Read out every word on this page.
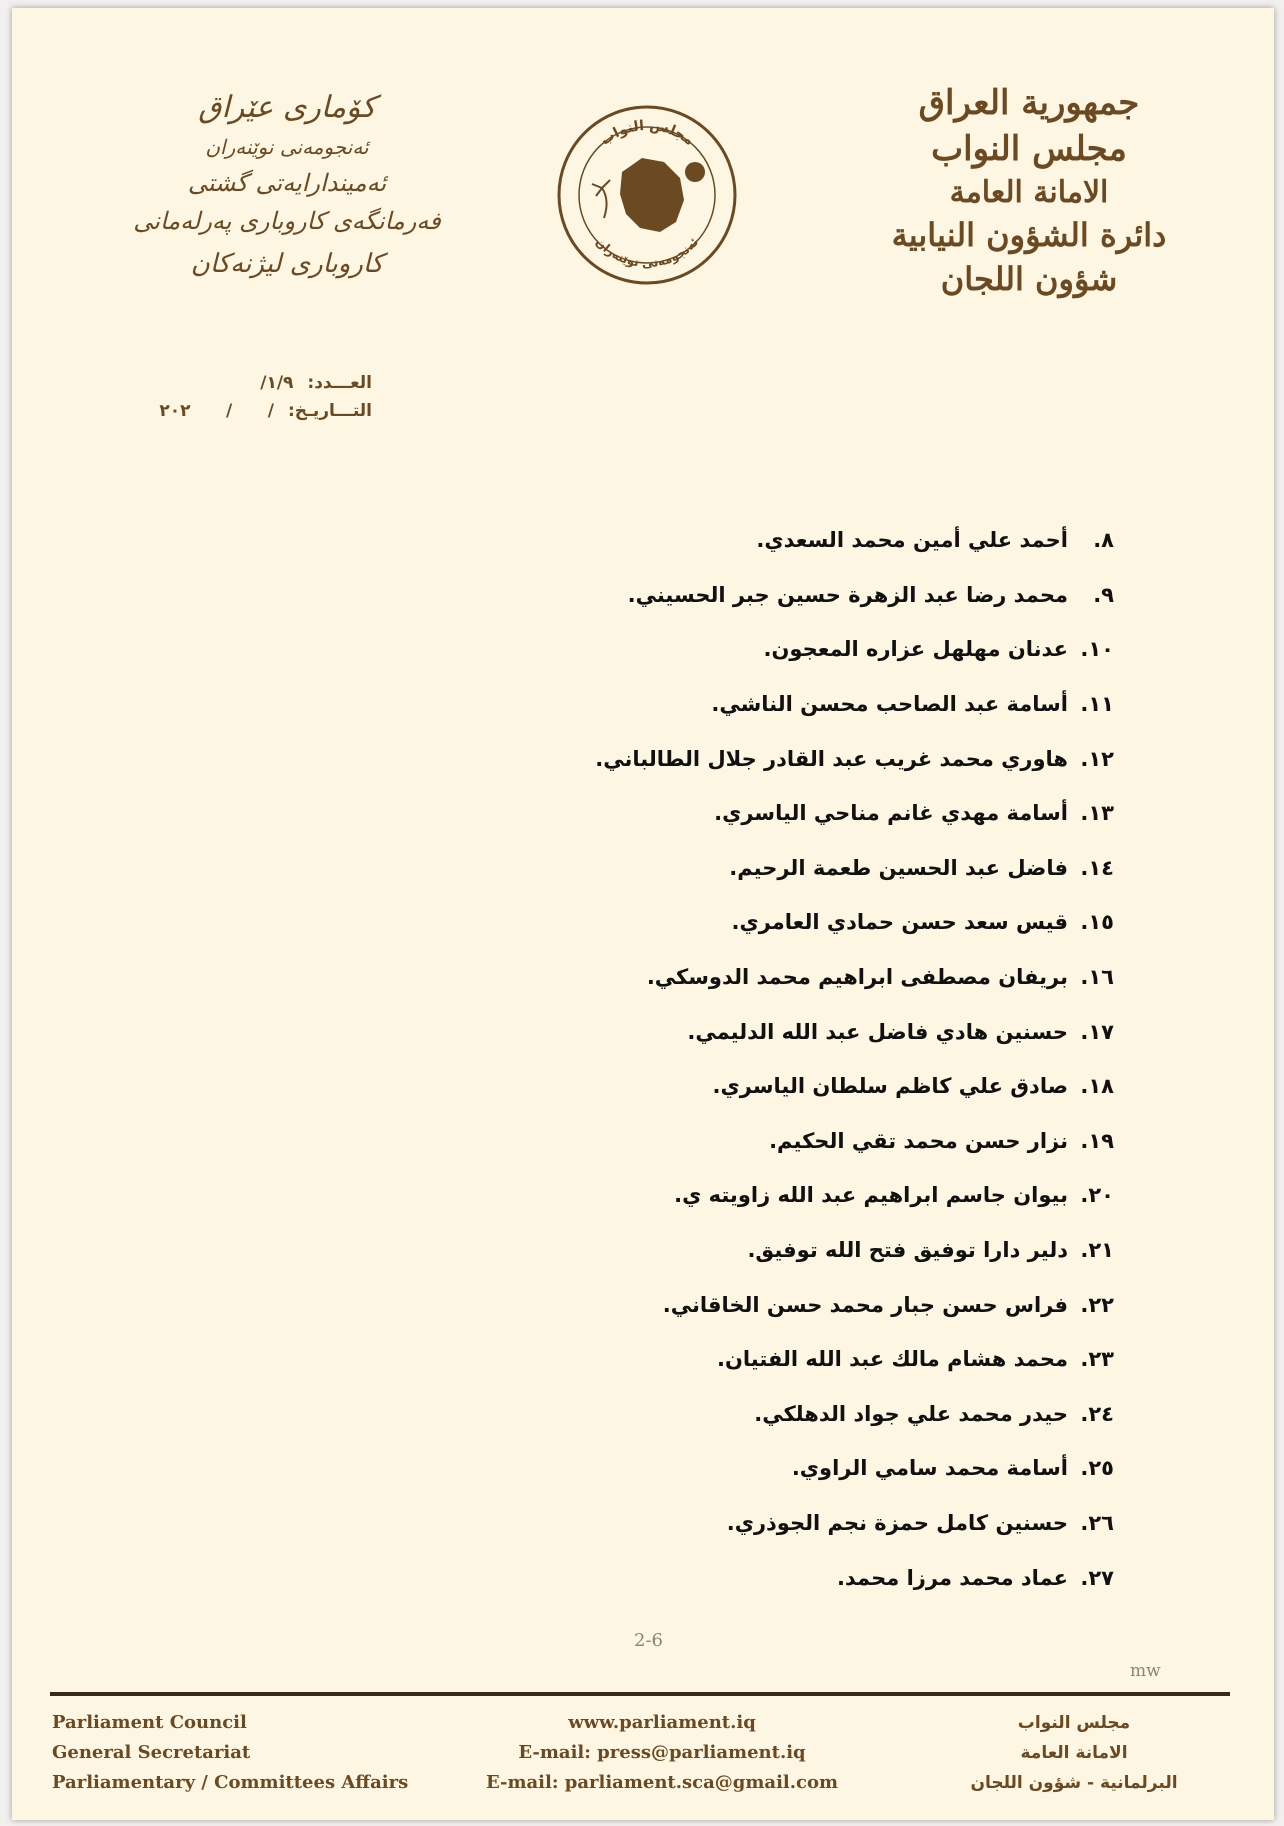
جمهورية العراق
مجلس النواب
الامانة العامة
دائرة الشؤون النيابية
شؤون اللجان
مجلس النواب
ئەنجومەنی نوێنەران
كۆماری عێراق
ئەنجومەنی نوێنەران
ئەمیندارایەتی گشتی
فەرمانگەی كاروباری پەرلەمانی
كاروباری لیژنەكان
العـــدد:
١/٩/
التـــاريـخ:
/      /      ٢٠٢
٨.
أحمد علي أمين محمد السعدي.
٩.
محمد رضا عبد الزهرة حسين جبر الحسيني.
١٠.
عدنان مهلهل عزاره المعجون.
١١.
أسامة عبد الصاحب محسن الناشي.
١٢.
هاوري محمد غريب عبد القادر جلال الطالباني.
١٣.
أسامة مهدي غانم مناحي الياسري.
١٤.
فاضل عبد الحسين طعمة الرحيم.
١٥.
قيس سعد حسن حمادي العامري.
١٦.
بريفان مصطفى ابراهيم محمد الدوسكي.
١٧.
حسنين هادي فاضل عبد الله الدليمي.
١٨.
صادق علي كاظم سلطان الياسري.
١٩.
نزار حسن محمد تقي الحكيم.
٢٠.
بيوان جاسم ابراهيم عبد الله زاويته ي.
٢١.
دلير دارا توفيق فتح الله توفيق.
٢٢.
فراس حسن جبار محمد حسن الخاقاني.
٢٣.
محمد هشام مالك عبد الله الفتيان.
٢٤.
حيدر محمد علي جواد الدهلكي.
٢٥.
أسامة محمد سامي الراوي.
٢٦.
حسنين كامل حمزة نجم الجوذري.
٢٧.
عماد محمد مرزا محمد.
2-6
mw
Parliament Council
General Secretariat
Parliamentary / Committees Affairs
www.parliament.iq
E-mail: press@parliament.iq
E-mail: parliament.sca@gmail.com
مجلس النواب
الامانة العامة
البرلمانية - شؤون اللجان
